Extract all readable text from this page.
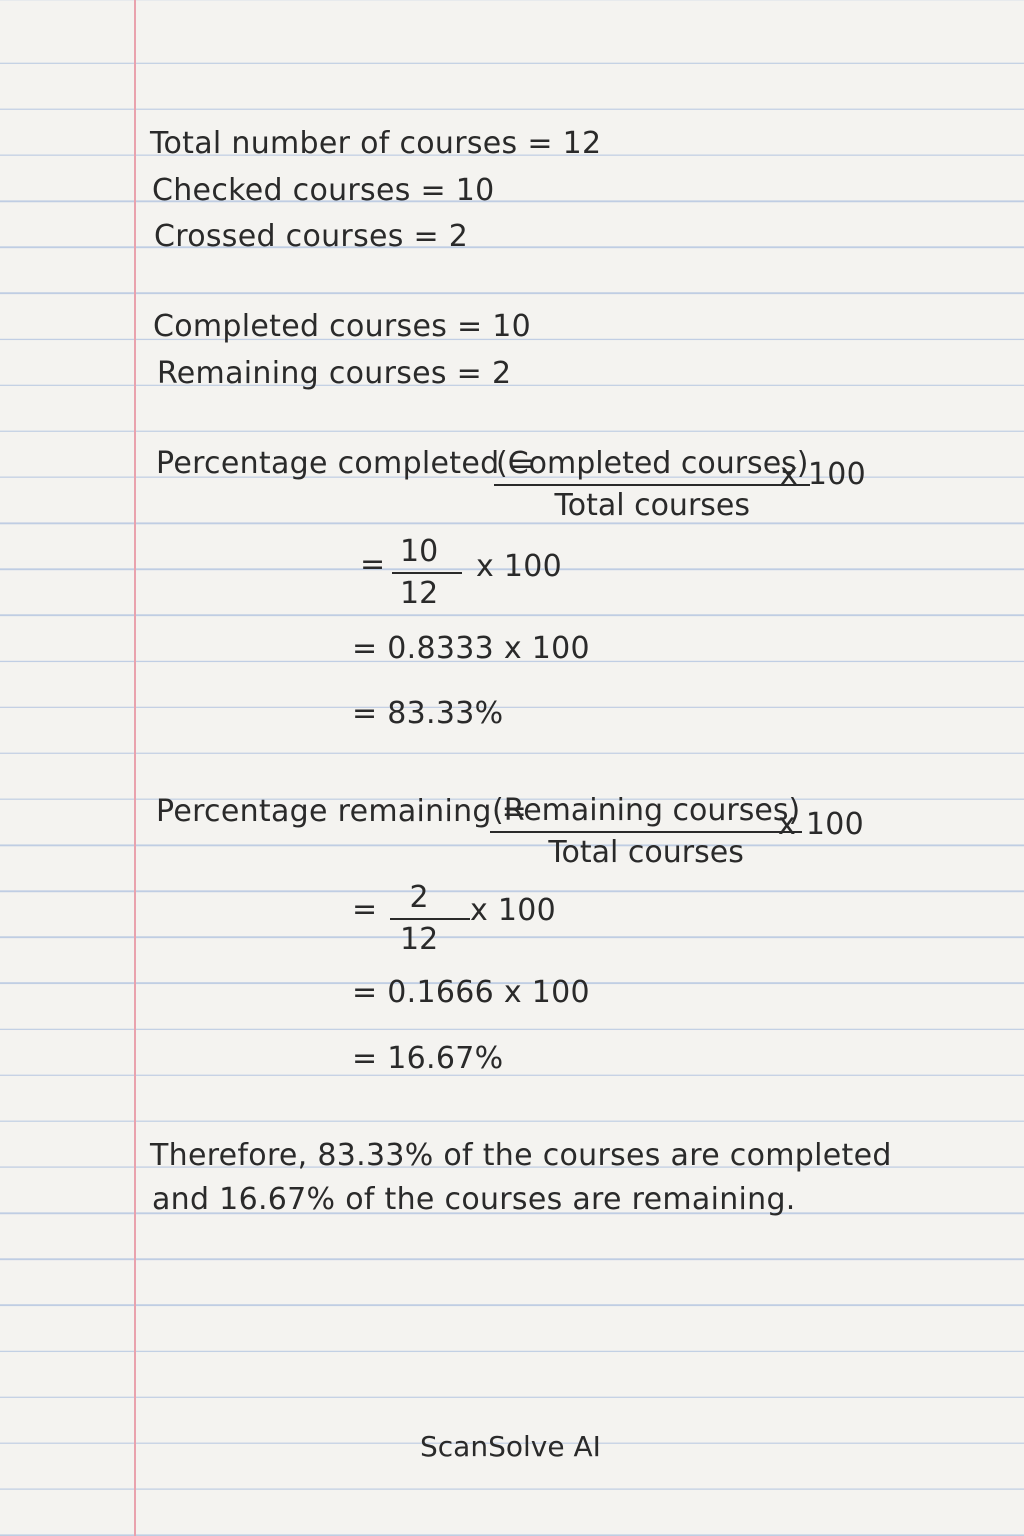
Total number of courses = 12
Checked courses = 10
Crossed courses = 2
Completed courses = 10
Remaining courses = 2
Percentage completed =
(Completed courses)
Total courses
x 100
= 10
12
x 100
= 0.8333 x 100
= 83.33%
Percentage remaining =
(Remaining courses)
Total courses
x 100
= 2
12
x 100
= 0.1666 x 100
= 16.67%
Therefore, 83.33% of the courses are completed
and 16.67% of the courses are remaining.
ScanSolve AI
